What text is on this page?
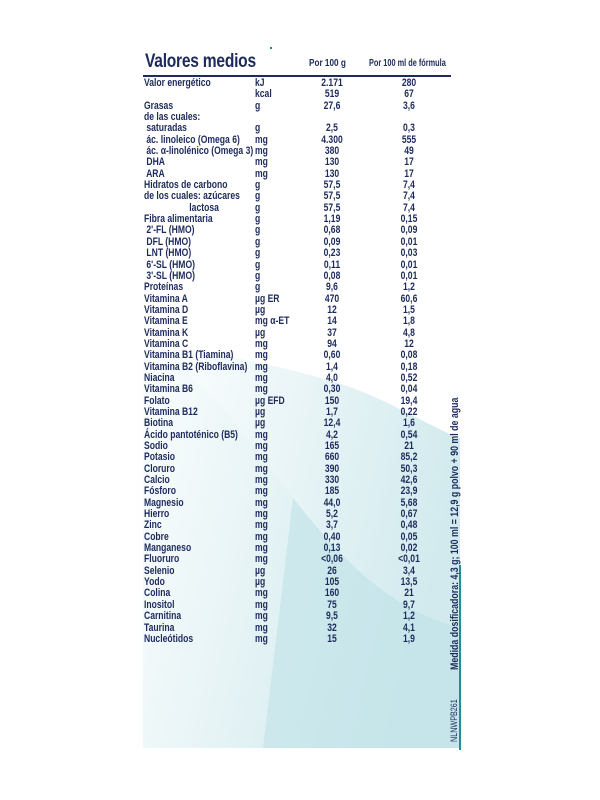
Valores medios	Por 100 g Por 100 ml de fórmula
Valor energético	kJ	2.171	280
kcal	519	67
Grasas	g	27,6	3,6
de las cuales:
saturadas	g	2,5	0,3
ác. linoleico (Omega 6) mg	4.300	555
ác. α-linolénico (Omega 3) mg	380	49
DHA	mg	130	17
ARA	mg	130	17
Hidratos de carbono	g	57,5	7,4
de los cuales: azúcares g	57,5	7,4
lactosa	g	57,5	7,4
Fibra alimentaria	g	1,19	0,15
2'-FL (HMO)	g	0,68	0,09
DFL (HMO)	g	0,09	0,01
LNT (HMO)	g	0,23	0,03
6'-SL (HMO)	g	0,11	0,01
3'-SL (HMO)	g	0,08	0,01
Proteínas	g	9,6	1,2
Vitamina A	µg ER	470	60,6
Vitamina D	µg	12	1,5
Vitamina E	mg α-ET	14	1,8
Vitamina K	µg	37	4,8
Vitamina C	mg	94	12
Vitamina B1 (Tiamina) mg	0,60	0,08
Vitamina B2 (Riboflavina) mg	1,4	0,18
Niacina	mg	4,0	0,52
Vitamina B6	mg	0,30	0,04
Folato	µg EFD	150	19,4
Vitamina B12	µg	1,7	0,22
Biotina	µg	12,4	1,6
Ácido pantoténico (B5) mg	4,2	0,54
Sodio	mg	165	21
Potasio	mg	660	85,2
Cloruro	mg	390	50,3
Calcio	mg	330	42,6
Fósforo	mg	185	23,9
Magnesio	mg	44,0	5,68
Hierro	mg	5,2	0,67
Zinc	mg	3,7	0,48
Cobre	mg	0,40	0,05
Manganeso	mg	0,13	0,02
Fluoruro	mg	<0,06	<0,01
Selenio	µg	26	3,4
Yodo	µg	105	13,5
Colina	mg	160	21
Inositol	mg	75	9,7
Carnitina	mg	9,5	1,2
Taurina	mg	32	4,1
Nucleótidos	mg	15	1,9	Medida dosificadora: 4,3 g; 100 ml = 12,9 g polvo + 90 ml de agua
NLNWPB261
